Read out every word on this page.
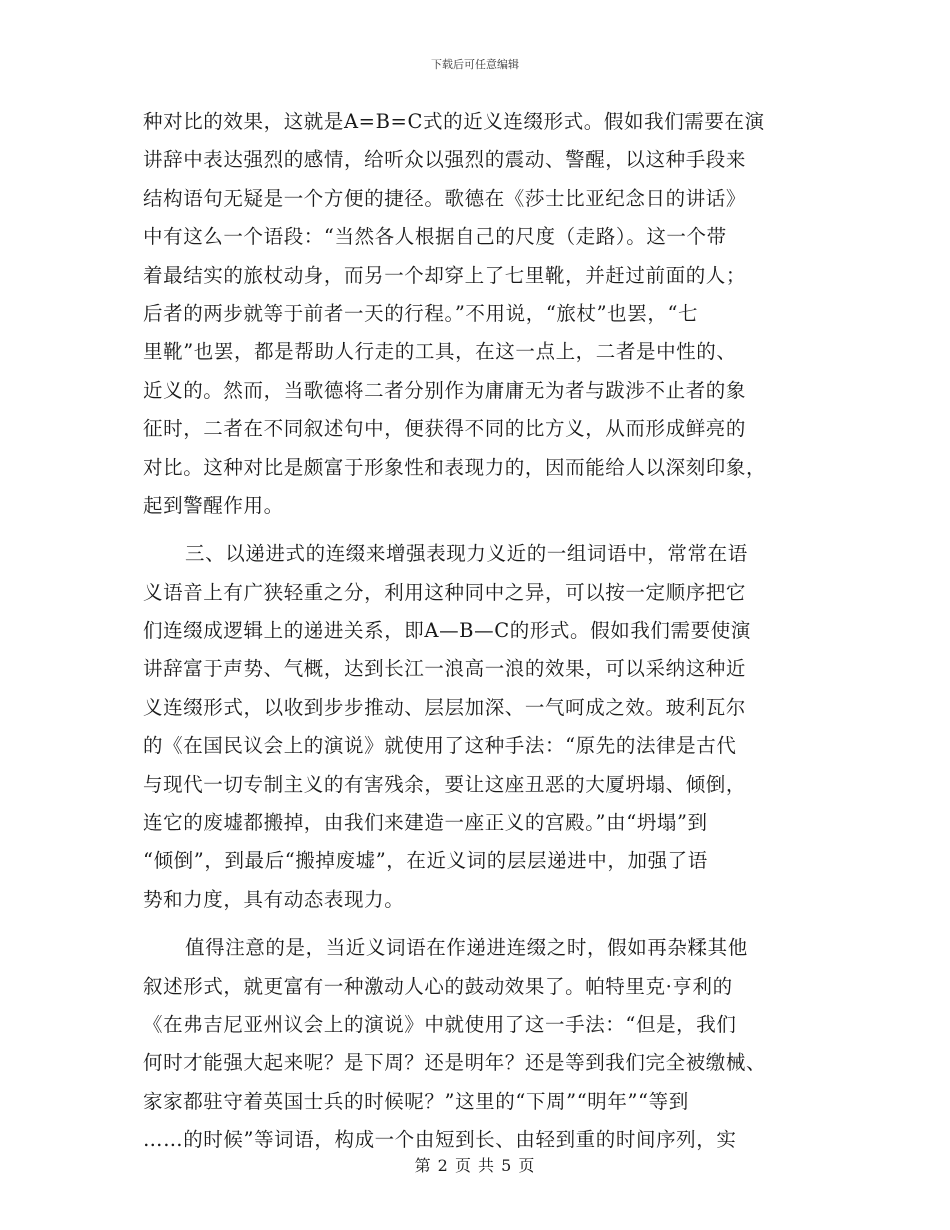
下载后可任意编辑
种对比的效果，这就是A=B=C式的近义连缀形式。假如我们需要在演
讲辞中表达强烈的感情，给听众以强烈的震动、警醒，以这种手段来
结构语句无疑是一个方便的捷径。歌德在《莎士比亚纪念日的讲话》
中有这么一个语段：“当然各人根据自己的尺度（走路）。这一个带
着最结实的旅杖动身，而另一个却穿上了七里靴，并赶过前面的人；
后者的两步就等于前者一天的行程。”不用说，“旅杖”也罢，“七
里靴”也罢，都是帮助人行走的工具，在这一点上，二者是中性的、
近义的。然而，当歌德将二者分别作为庸庸无为者与跋涉不止者的象
征时，二者在不同叙述句中，便获得不同的比方义，从而形成鲜亮的
对比。这种对比是颇富于形象性和表现力的，因而能给人以深刻印象，
起到警醒作用。
三、以递进式的连缀来增强表现力义近的一组词语中，常常在语
义语音上有广狭轻重之分，利用这种同中之异，可以按一定顺序把它
们连缀成逻辑上的递进关系，即A—B—C的形式。假如我们需要使演
讲辞富于声势、气概，达到长江一浪高一浪的效果，可以采纳这种近
义连缀形式，以收到步步推动、层层加深、一气呵成之效。玻利瓦尔
的《在国民议会上的演说》就使用了这种手法：“原先的法律是古代
与现代一切专制主义的有害残余，要让这座丑恶的大厦坍塌、倾倒，
连它的废墟都搬掉，由我们来建造一座正义的宫殿。”由“坍塌”到
“倾倒”，到最后“搬掉废墟”，在近义词的层层递进中，加强了语
势和力度，具有动态表现力。
值得注意的是，当近义词语在作递进连缀之时，假如再杂糅其他
叙述形式，就更富有一种激动人心的鼓动效果了。帕特里克·亨利的
《在弗吉尼亚州议会上的演说》中就使用了这一手法：“但是，我们
何时才能强大起来呢？是下周？还是明年？还是等到我们完全被缴械、
家家都驻守着英国士兵的时候呢？”这里的“下周”“明年”“等到
……的时候”等词语，构成一个由短到长、由轻到重的时间序列，实
第 2 页 共 5 页
